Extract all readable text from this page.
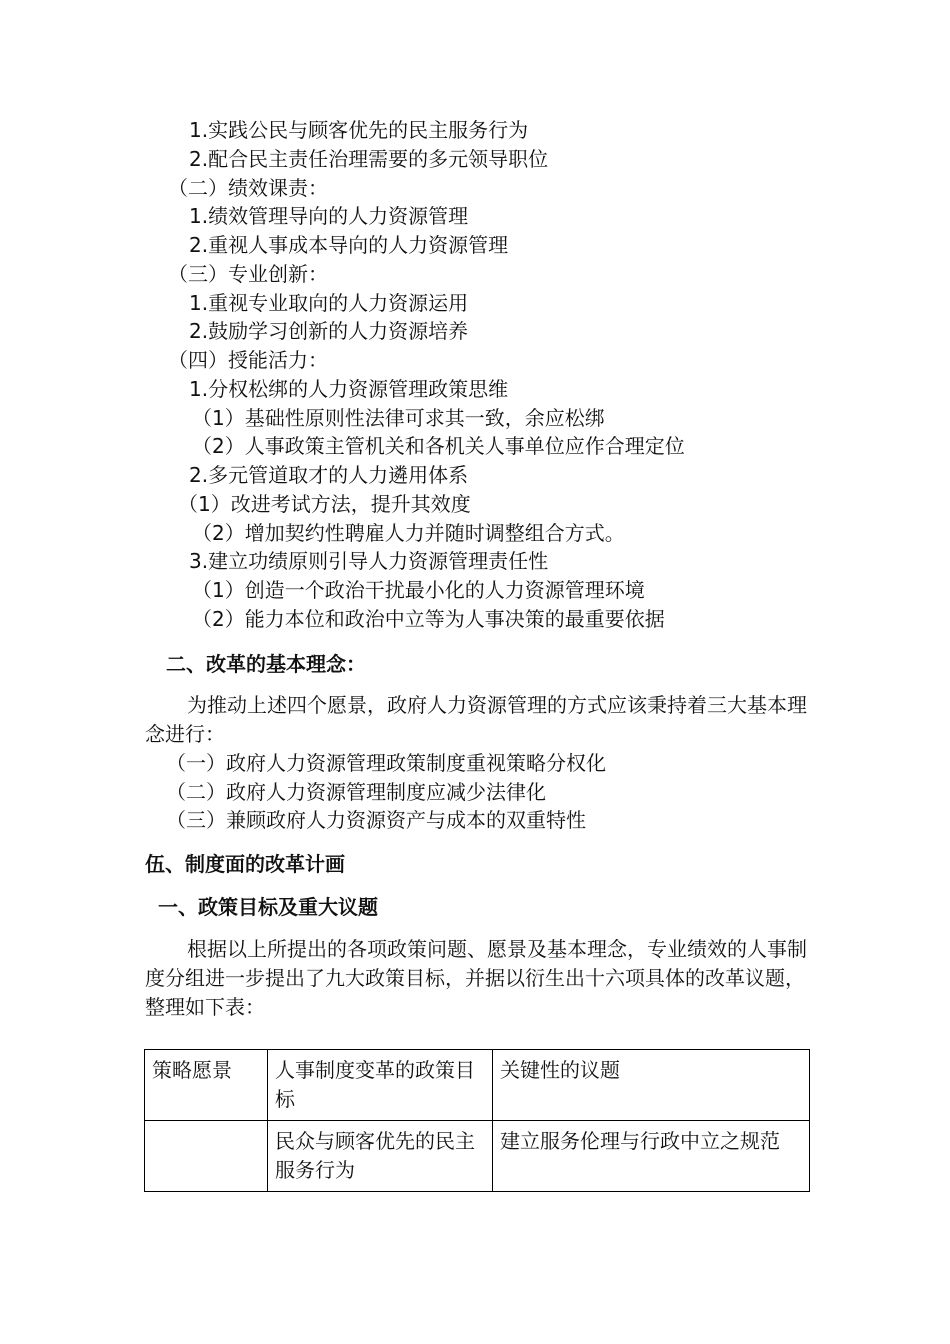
1.实践公民与顾客优先的民主服务行为
2.配合民主责任治理需要的多元领导职位
（二）绩效课责：
1.绩效管理导向的人力资源管理
2.重视人事成本导向的人力资源管理
（三）专业创新：
1.重视专业取向的人力资源运用
2.鼓励学习创新的人力资源培养
（四）授能活力：
1.分权松绑的人力资源管理政策思维
（1）基础性原则性法律可求其一致，余应松绑
（2）人事政策主管机关和各机关人事单位应作合理定位
2.多元管道取才的人力遴用体系
（1）改进考试方法，提升其效度
（2）增加契约性聘雇人力并随时调整组合方式。
3.建立功绩原则引导人力资源管理责任性
（1）创造一个政治干扰最小化的人力资源管理环境
（2）能力本位和政治中立等为人事决策的最重要依据
二、改革的基本理念：
为推动上述四个愿景，政府人力资源管理的方式应该秉持着三大基本理念进行：
（一）政府人力资源管理政策制度重视策略分权化
（二）政府人力资源管理制度应减少法律化
（三）兼顾政府人力资源资产与成本的双重特性
伍、制度面的改革计画
一、政策目标及重大议题
根据以上所提出的各项政策问题、愿景及基本理念，专业绩效的人事制度分组进一步提出了九大政策目标，并据以衍生出十六项具体的改革议题，整理如下表：
策略愿景	人事制度变革的政策目标	关键性的议题
	民众与顾客优先的民主服务行为	建立服务伦理与行政中立之规范
